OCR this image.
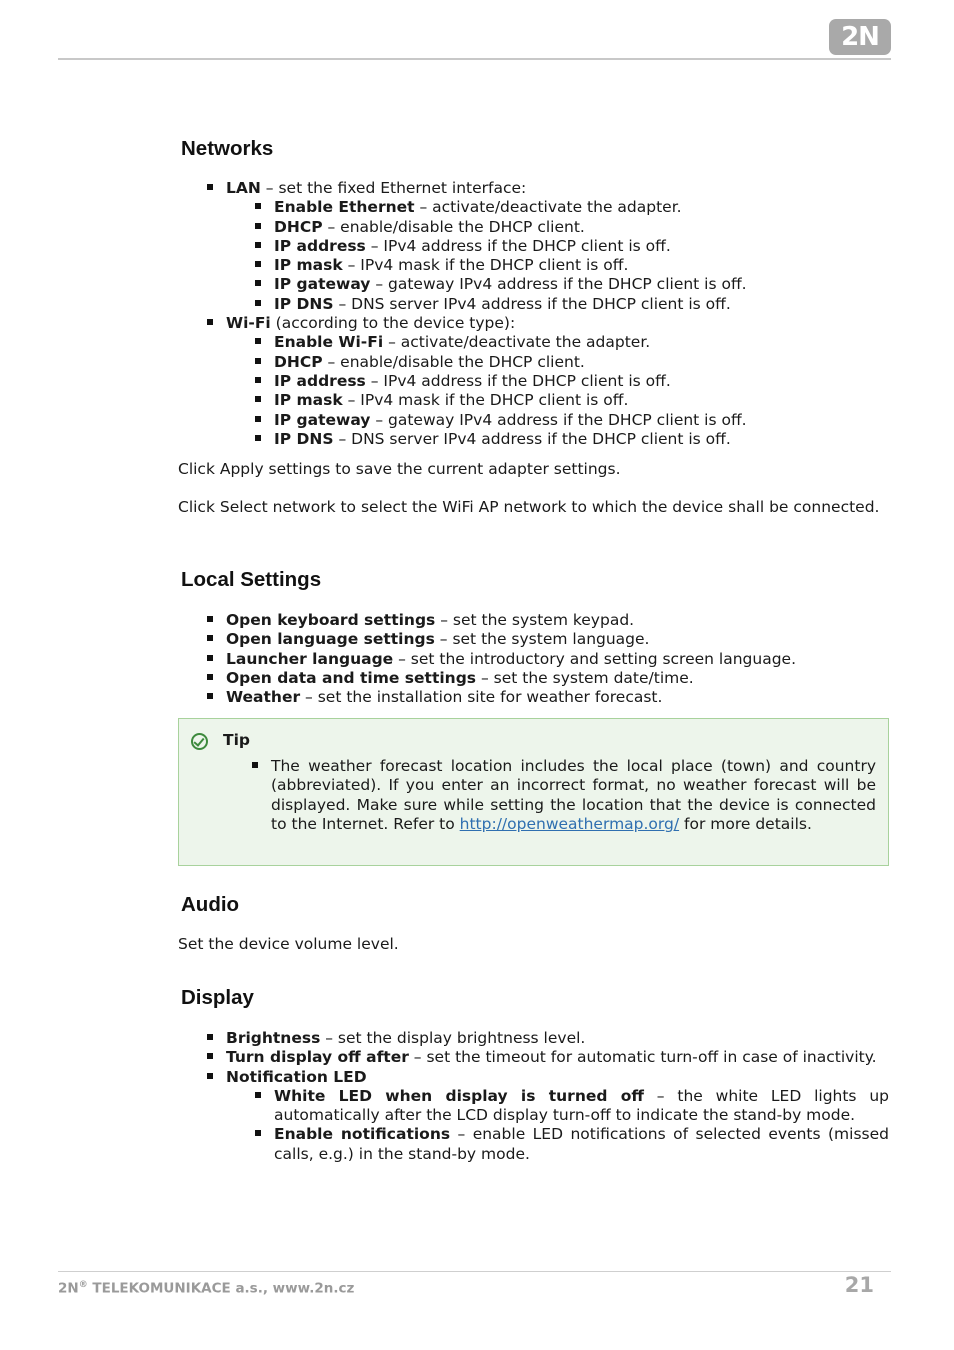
2N
Networks
LAN – set the fixed Ethernet interface:
Enable Ethernet – activate/deactivate the adapter.
DHCP – enable/disable the DHCP client.
IP address – IPv4 address if the DHCP client is off.
IP mask – IPv4 mask if the DHCP client is off.
IP gateway – gateway IPv4 address if the DHCP client is off.
IP DNS – DNS server IPv4 address if the DHCP client is off.
Wi-Fi (according to the device type):
Enable Wi-Fi – activate/deactivate the adapter.
DHCP – enable/disable the DHCP client.
IP address – IPv4 address if the DHCP client is off.
IP mask – IPv4 mask if the DHCP client is off.
IP gateway – gateway IPv4 address if the DHCP client is off.
IP DNS – DNS server IPv4 address if the DHCP client is off.

Click Apply settings to save the current adapter settings.

Click Select network to select the WiFi AP network to which the device shall be connected.

Local Settings
Open keyboard settings – set the system keypad.
Open language settings – set the system language.
Launcher language – set the introductory and setting screen language.
Open data and time settings – set the system date/time.
Weather – set the installation site for weather forecast.
Tip
The weather forecast location includes the local place (town) and country (abbreviated). If you enter an incorrect format, no weather forecast will be displayed. Make sure while setting the location that the device is connected to the Internet. Refer to http://openweathermap.org/ for more details.
Audio

Set the device volume level.

Display
Brightness – set the display brightness level.
Turn display off after – set the timeout for automatic turn-off in case of inactivity.
Notification LED
White LED when display is turned off – the white LED lights up automatically after the LCD display turn-off to indicate the stand-by mode.
Enable notifications – enable LED notifications of selected events (missed calls, e.g.) in the stand-by mode.
2N® TELEKOMUNIKACE a.s., www.2n.cz	21
